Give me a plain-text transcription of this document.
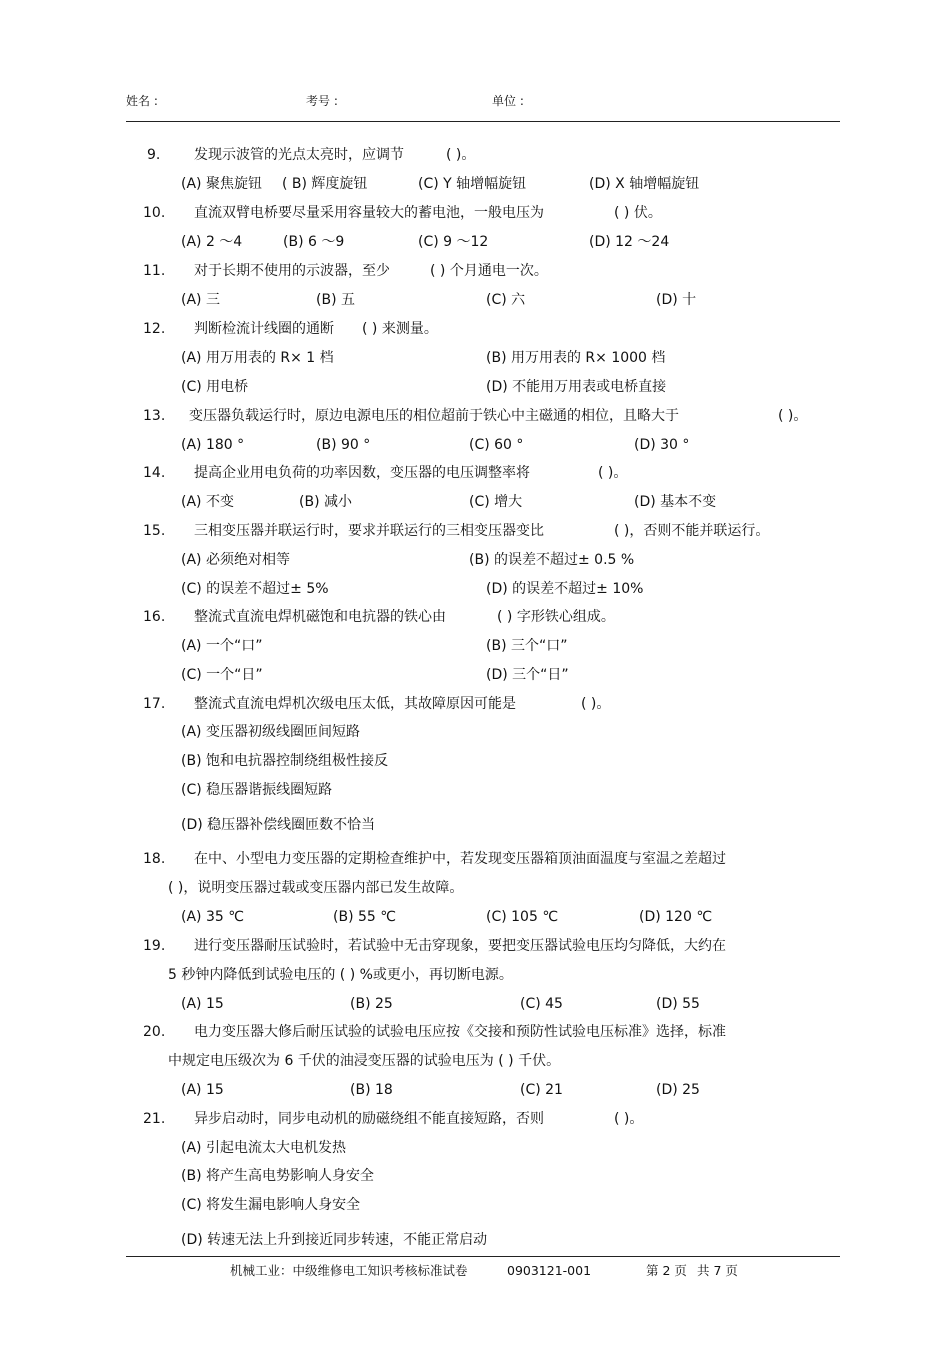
姓名 :	考号 :	单位 :
9. 发现示波管的光点太亮时，应调节	( )。
(A) 聚焦旋钮 ( B) 辉度旋钮	(C) Y 轴增幅旋钮	(D) X 轴增幅旋钮
10. 直流双臂电桥要尽量采用容量较大的蓄电池，一般电压为	( ) 伏。
(A) 2 ～4	(B) 6 ～9	(C) 9 ～12	(D) 12 ～24
11. 对于长期不使用的示波器，至少	( ) 个月通电一次。
(A) 三	(B) 五	(C) 六	(D) 十
12. 判断检流计线圈的通断 ( ) 来测量。
(A) 用万用表的 R× 1 档	(B) 用万用表的 R× 1000 档
(C) 用电桥	(D) 不能用万用表或电桥直接
13. 变压器负载运行时，原边电源电压的相位超前于铁心中主磁通的相位，且略大于	( )。
(A) 180 °	(B) 90 °	(C) 60 °	(D) 30 °
14. 提高企业用电负荷的功率因数，变压器的电压调整率将	( )。
(A) 不变	(B) 减小	(C) 增大	(D) 基本不变
15. 三相变压器并联运行时，要求并联运行的三相变压器变比	( )，否则不能并联运行。
(A) 必须绝对相等	(B) 的误差不超过± 0.5 %
(C) 的误差不超过± 5%	(D) 的误差不超过± 10%
16. 整流式直流电焊机磁饱和电抗器的铁心由	( ) 字形铁心组成。
(A) 一个“口”	(B) 三个“口”
(C) 一个“日”	(D) 三个“日”
17. 整流式直流电焊机次级电压太低，其故障原因可能是	( )。
(A) 变压器初级线圈匝间短路
(B) 饱和电抗器控制绕组极性接反
(C) 稳压器谐振线圈短路
(D) 稳压器补偿线圈匝数不恰当
18. 在中、小型电力变压器的定期检查维护中，若发现变压器箱顶油面温度与室温之差超过
( )，说明变压器过载或变压器内部已发生故障。
(A) 35 ℃	(B) 55 ℃	(C) 105 ℃	(D) 120 ℃
19. 进行变压器耐压试验时，若试验中无击穿现象，要把变压器试验电压均匀降低，大约在
5 秒钟内降低到试验电压的 ( ) %或更小，再切断电源。
(A) 15	(B) 25	(C) 45	(D) 55
20. 电力变压器大修后耐压试验的试验电压应按《交接和预防性试验电压标准》选择，标准
中规定电压级次为 6 千伏的油浸变压器的试验电压为 ( ) 千伏。
(A) 15	(B) 18	(C) 21	(D) 25
21. 异步启动时，同步电动机的励磁绕组不能直接短路，否则	( )。
(A) 引起电流太大电机发热
(B) 将产生高电势影响人身安全
(C) 将发生漏电影响人身安全
(D) 转速无法上升到接近同步转速，不能正常启动
机械工业：中级维修电工知识考核标准试卷	0903121-001	第 2 页 共 7 页
